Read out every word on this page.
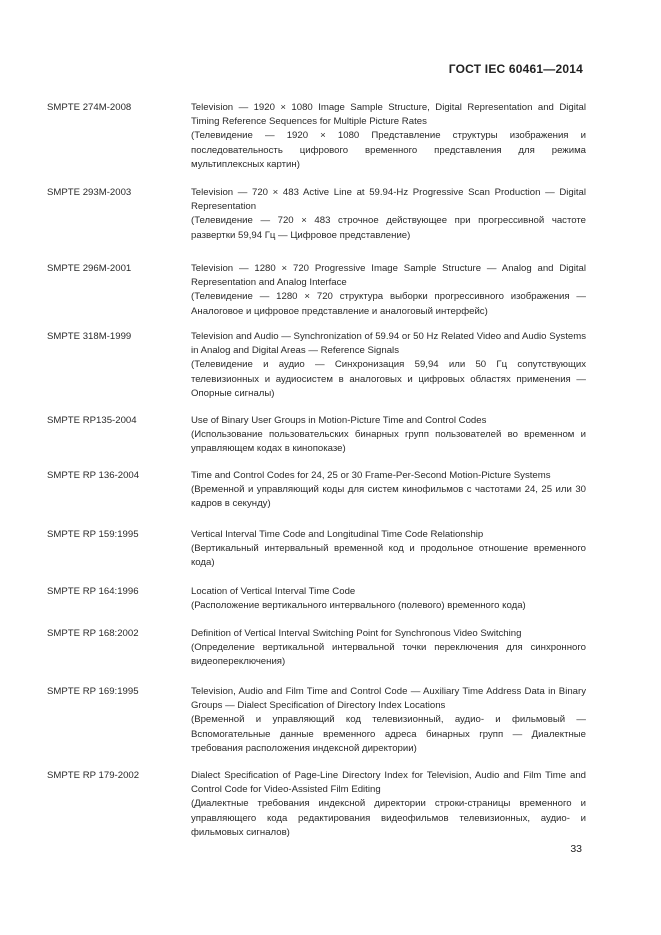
ГОСТ IEC 60461—2014
SMPTE 274M-2008	Television — 1920 × 1080 Image Sample Structure, Digital Representation and Digital Timing Reference Sequences for Multiple Picture Rates
(Телевидение — 1920 × 1080 Представление структуры изображения и последовательность цифрового временного представления для режима мультиплексных картин)
SMPTE 293M-2003	Television — 720 × 483 Active Line at 59.94-Hz Progressive Scan Production — Digital Representation
(Телевидение — 720 × 483 строчное действующее при прогрессивной частоте развертки 59,94 Гц — Цифровое представление)
SMPTE 296M-2001	Television — 1280 × 720 Progressive Image Sample Structure — Analog and Digital Representation and Analog Interface
(Телевидение — 1280 × 720 структура выборки прогрессивного изображения — Аналоговое и цифровое представление и аналоговый интерфейс)
SMPTE 318M-1999	Television and Audio — Synchronization of 59.94 or 50 Hz Related Video and Audio Systems in Analog and Digital Areas — Reference Signals
(Телевидение и аудио — Синхронизация 59,94 или 50 Гц сопутствующих телевизионных и аудиосистем в аналоговых и цифровых областях применения — Опорные сигналы)
SMPTE RP135-2004	Use of Binary User Groups in Motion-Picture Time and Control Codes
(Использование пользовательских бинарных групп пользователей во временном и управляющем кодах в кинопоказе)
SMPTE RP 136-2004	Time and Control Codes for 24, 25 or 30 Frame-Per-Second Motion-Picture Systems
(Временной и управляющий коды для систем кинофильмов с частотами 24, 25 или 30 кадров в секунду)
SMPTE RP 159:1995	Vertical Interval Time Code and Longitudinal Time Code Relationship
(Вертикальный интервальный временной код и продольное отношение временного кода)
SMPTE RP 164:1996	Location of Vertical Interval Time Code
(Расположение вертикального интервального (полевого) временного кода)
SMPTE RP 168:2002	Definition of Vertical Interval Switching Point for Synchronous Video Switching
(Определение вертикальной интервальной точки переключения для синхронного видеопереключения)
SMPTE RP 169:1995	Television, Audio and Film Time and Control Code — Auxiliary Time Address Data in Binary Groups — Dialect Specification of Directory Index Locations
(Временной и управляющий код телевизионный, аудио- и фильмовый — Вспомогательные данные временного адреса бинарных групп — Диалектные требования расположения индексной директории)
SMPTE RP 179-2002	Dialect Specification of Page-Line Directory Index for Television, Audio and Film Time and Control Code for Video-Assisted Film Editing
(Диалектные требования индексной директории строки-страницы временного и управляющего кода редактирования видеофильмов телевизионных, аудио- и фильмовых сигналов)
33
